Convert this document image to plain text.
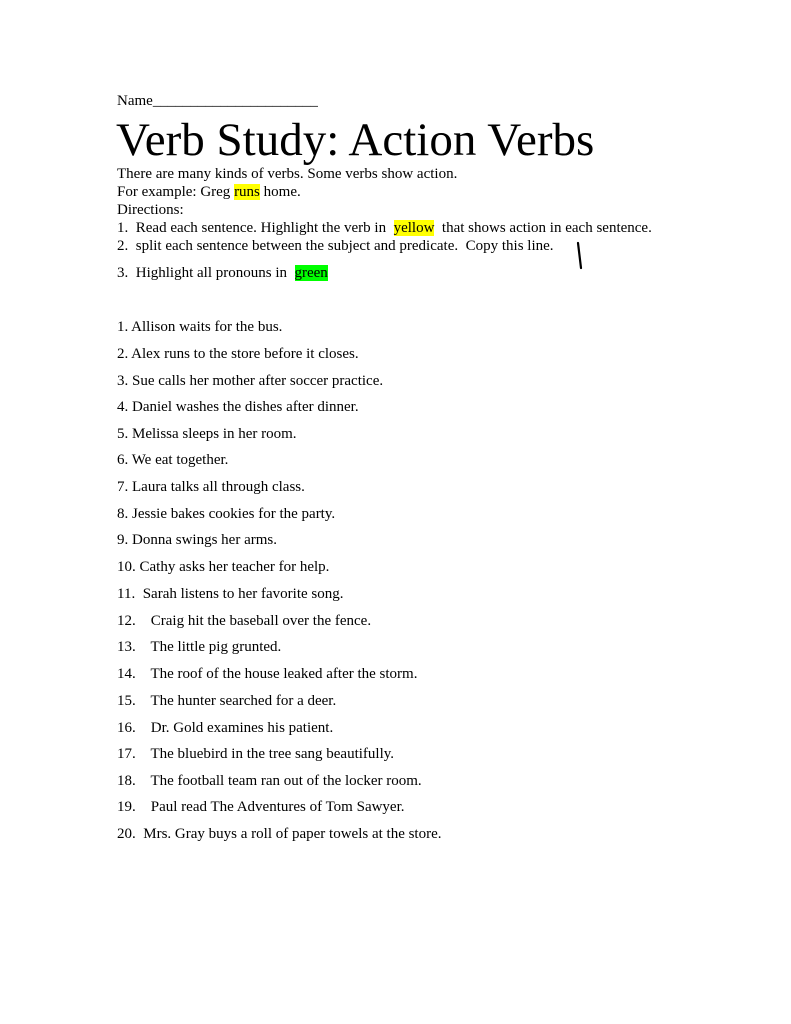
Name______________________
Verb Study: Action Verbs
There are many kinds of verbs. Some verbs show action.
For example: Greg runs home.
Directions:
1.  Read each sentence. Highlight the verb in  yellow  that shows action in each sentence.
2.  split each sentence between the subject and predicate.  Copy this line.
3.  Highlight all pronouns in  green
1. Allison waits for the bus.
2. Alex runs to the store before it closes.
3. Sue calls her mother after soccer practice.
4. Daniel washes the dishes after dinner.
5. Melissa sleeps in her room.
6. We eat together.
7. Laura talks all through class.
8. Jessie bakes cookies for the party.
9. Donna swings her arms.
10. Cathy asks her teacher for help.
11.  Sarah listens to her favorite song.
12.    Craig hit the baseball over the fence.
13.    The little pig grunted.
14.    The roof of the house leaked after the storm.
15.    The hunter searched for a deer.
16.    Dr. Gold examines his patient.
17.    The bluebird in the tree sang beautifully.
18.    The football team ran out of the locker room.
19.    Paul read The Adventures of Tom Sawyer.
20.  Mrs. Gray buys a roll of paper towels at the store.
